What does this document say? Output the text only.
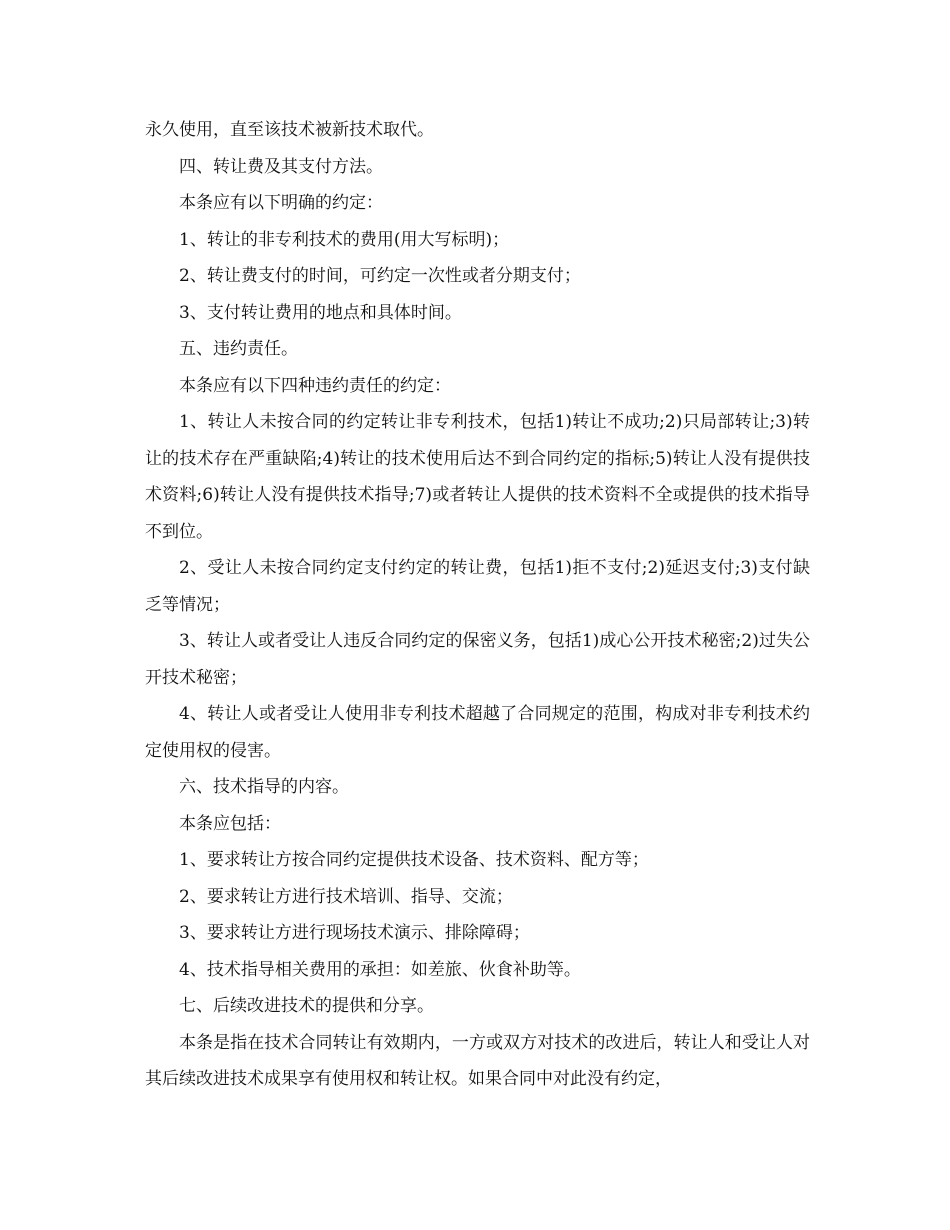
永久使用，直至该技术被新技术取代。

四、转让费及其支付方法。

本条应有以下明确的约定：

1、转让的非专利技术的费用(用大写标明)；

2、转让费支付的时间，可约定一次性或者分期支付；

3、支付转让费用的地点和具体时间。

五、违约责任。

本条应有以下四种违约责任的约定：

1、转让人未按合同的约定转让非专利技术，包括1)转让不成功;2)只局部转让;3)转让的技术存在严重缺陷;4)转让的技术使用后达不到合同约定的指标;5)转让人没有提供技术资料;6)转让人没有提供技术指导;7)或者转让人提供的技术资料不全或提供的技术指导不到位。

2、受让人未按合同约定支付约定的转让费，包括1)拒不支付;2)延迟支付;3)支付缺乏等情况；

3、转让人或者受让人违反合同约定的保密义务，包括1)成心公开技术秘密;2)过失公开技术秘密；

4、转让人或者受让人使用非专利技术超越了合同规定的范围，构成对非专利技术约定使用权的侵害。

六、技术指导的内容。

本条应包括：

1、要求转让方按合同约定提供技术设备、技术资料、配方等；

2、要求转让方进行技术培训、指导、交流；

3、要求转让方进行现场技术演示、排除障碍；

4、技术指导相关费用的承担：如差旅、伙食补助等。

七、后续改进技术的提供和分享。

本条是指在技术合同转让有效期内，一方或双方对技术的改进后，转让人和受让人对其后续改进技术成果享有使用权和转让权。如果合同中对此没有约定，
